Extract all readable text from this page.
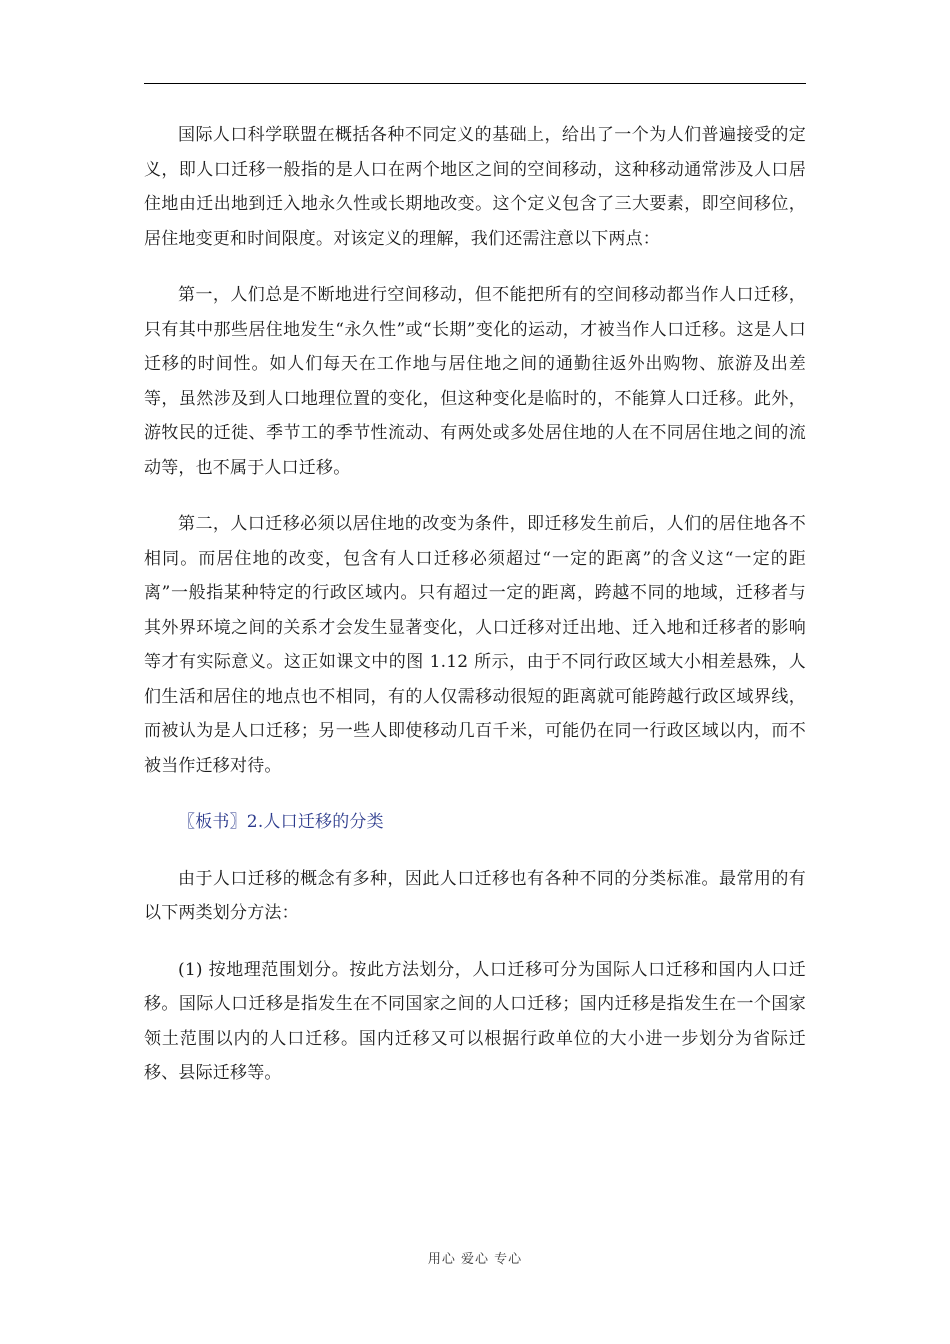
国际人口科学联盟在概括各种不同定义的基础上，给出了一个为人们普遍接受的定义，即人口迁移一般指的是人口在两个地区之间的空间移动，这种移动通常涉及人口居住地由迁出地到迁入地永久性或长期地改变。这个定义包含了三大要素，即空间移位，居住地变更和时间限度。对该定义的理解，我们还需注意以下两点：

第一，人们总是不断地进行空间移动，但不能把所有的空间移动都当作人口迁移，只有其中那些居住地发生“永久性”或“长期”变化的运动，才被当作人口迁移。这是人口迁移的时间性。如人们每天在工作地与居住地之间的通勤往返外出购物、旅游及出差等，虽然涉及到人口地理位置的变化，但这种变化是临时的，不能算人口迁移。此外，游牧民的迁徙、季节工的季节性流动、有两处或多处居住地的人在不同居住地之间的流动等，也不属于人口迁移。

第二，人口迁移必须以居住地的改变为条件，即迁移发生前后，人们的居住地各不相同。而居住地的改变，包含有人口迁移必须超过“一定的距离”的含义这“一定的距离”一般指某种特定的行政区域内。只有超过一定的距离，跨越不同的地域，迁移者与其外界环境之间的关系才会发生显著变化，人口迁移对迁出地、迁入地和迁移者的影响等才有实际意义。这正如课文中的图 1.12 所示，由于不同行政区域大小相差悬殊，人们生活和居住的地点也不相同，有的人仅需移动很短的距离就可能跨越行政区域界线，而被认为是人口迁移；另一些人即使移动几百千米，可能仍在同一行政区域以内，而不被当作迁移对待。

〖板书〗2.人口迁移的分类

由于人口迁移的概念有多种，因此人口迁移也有各种不同的分类标准。最常用的有以下两类划分方法：

(1) 按地理范围划分。按此方法划分，人口迁移可分为国际人口迁移和国内人口迁移。国际人口迁移是指发生在不同国家之间的人口迁移；国内迁移是指发生在一个国家领土范围以内的人口迁移。国内迁移又可以根据行政单位的大小进一步划分为省际迁移、县际迁移等。

用心 爱心 专心
